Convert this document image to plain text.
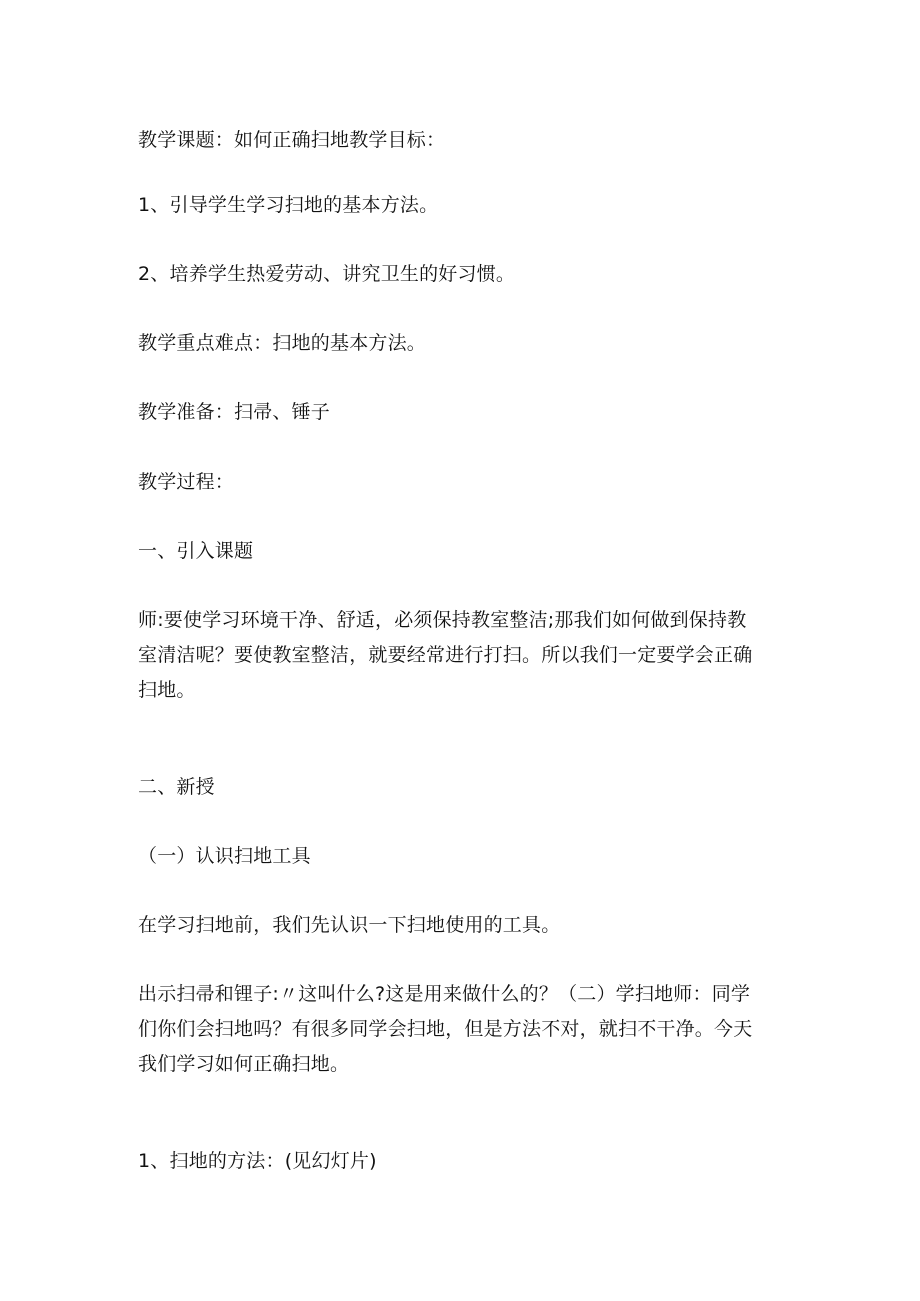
教学课题：如何正确扫地教学目标：
1、引导学生学习扫地的基本方法。
2、培养学生热爱劳动、讲究卫生的好习惯。
教学重点难点：扫地的基本方法。
教学准备：扫帚、锤子
教学过程：
一、引入课题
师:要使学习环境干净、舒适，必须保持教室整洁;那我们如何做到保持教
室清洁呢？要使教室整洁，就要经常进行打扫。所以我们一定要学会正确
扫地。
二、新授
（一）认识扫地工具
在学习扫地前，我们先认识一下扫地使用的工具。
出示扫帚和锂子:〃这叫什么?这是用来做什么的？（二）学扫地师：同学
们你们会扫地吗？有很多同学会扫地，但是方法不对，就扫不干净。今天
我们学习如何正确扫地。
1、扫地的方法：(见幻灯片)
